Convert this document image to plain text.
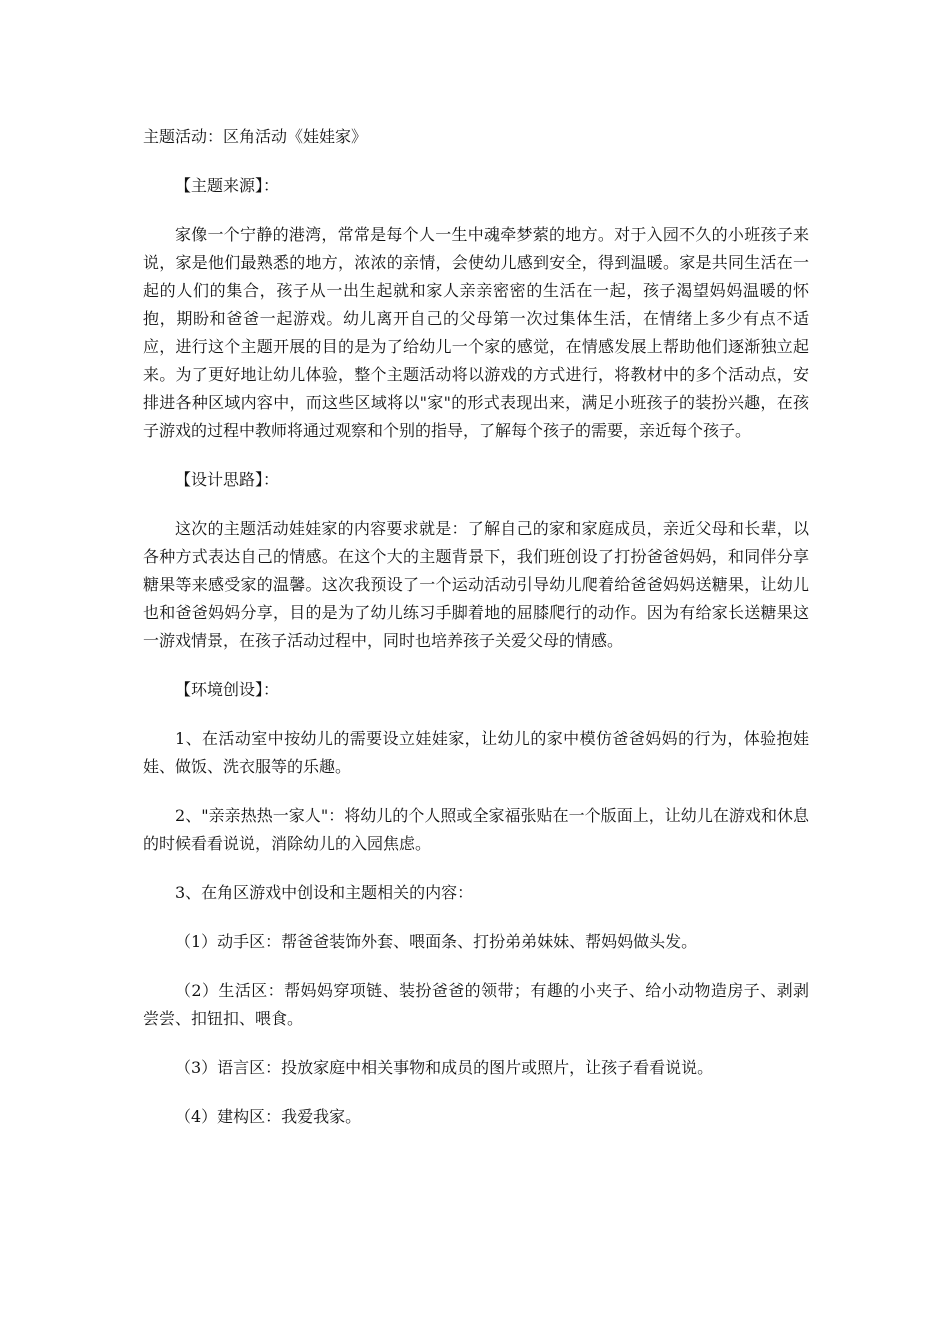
主题活动：区角活动《娃娃家》

【主题来源】：

家像一个宁静的港湾，常常是每个人一生中魂牵梦萦的地方。对于入园不久的小班孩子来说，家是他们最熟悉的地方，浓浓的亲情，会使幼儿感到安全，得到温暖。家是共同生活在一起的人们的集合，孩子从一出生起就和家人亲亲密密的生活在一起，孩子渴望妈妈温暖的怀抱，期盼和爸爸一起游戏。幼儿离开自己的父母第一次过集体生活，在情绪上多少有点不适应，进行这个主题开展的目的是为了给幼儿一个家的感觉，在情感发展上帮助他们逐渐独立起来。为了更好地让幼儿体验，整个主题活动将以游戏的方式进行，将教材中的多个活动点，安排进各种区域内容中，而这些区域将以"家"的形式表现出来，满足小班孩子的装扮兴趣，在孩子游戏的过程中教师将通过观察和个别的指导，了解每个孩子的需要，亲近每个孩子。

【设计思路】：

这次的主题活动娃娃家的内容要求就是：了解自己的家和家庭成员，亲近父母和长辈，以各种方式表达自己的情感。在这个大的主题背景下，我们班创设了打扮爸爸妈妈，和同伴分享糖果等来感受家的温馨。这次我预设了一个运动活动引导幼儿爬着给爸爸妈妈送糖果，让幼儿也和爸爸妈妈分享，目的是为了幼儿练习手脚着地的屈膝爬行的动作。因为有给家长送糖果这一游戏情景，在孩子活动过程中，同时也培养孩子关爱父母的情感。

【环境创设】：

1、在活动室中按幼儿的需要设立娃娃家，让幼儿的家中模仿爸爸妈妈的行为，体验抱娃娃、做饭、洗衣服等的乐趣。

2、"亲亲热热一家人"：将幼儿的个人照或全家福张贴在一个版面上，让幼儿在游戏和休息的时候看看说说，消除幼儿的入园焦虑。

3、在角区游戏中创设和主题相关的内容：

（1）动手区：帮爸爸装饰外套、喂面条、打扮弟弟妹妹、帮妈妈做头发。

（2）生活区：帮妈妈穿项链、装扮爸爸的领带；有趣的小夹子、给小动物造房子、剥剥尝尝、扣钮扣、喂食。

（3）语言区：投放家庭中相关事物和成员的图片或照片，让孩子看看说说。

（4）建构区：我爱我家。
